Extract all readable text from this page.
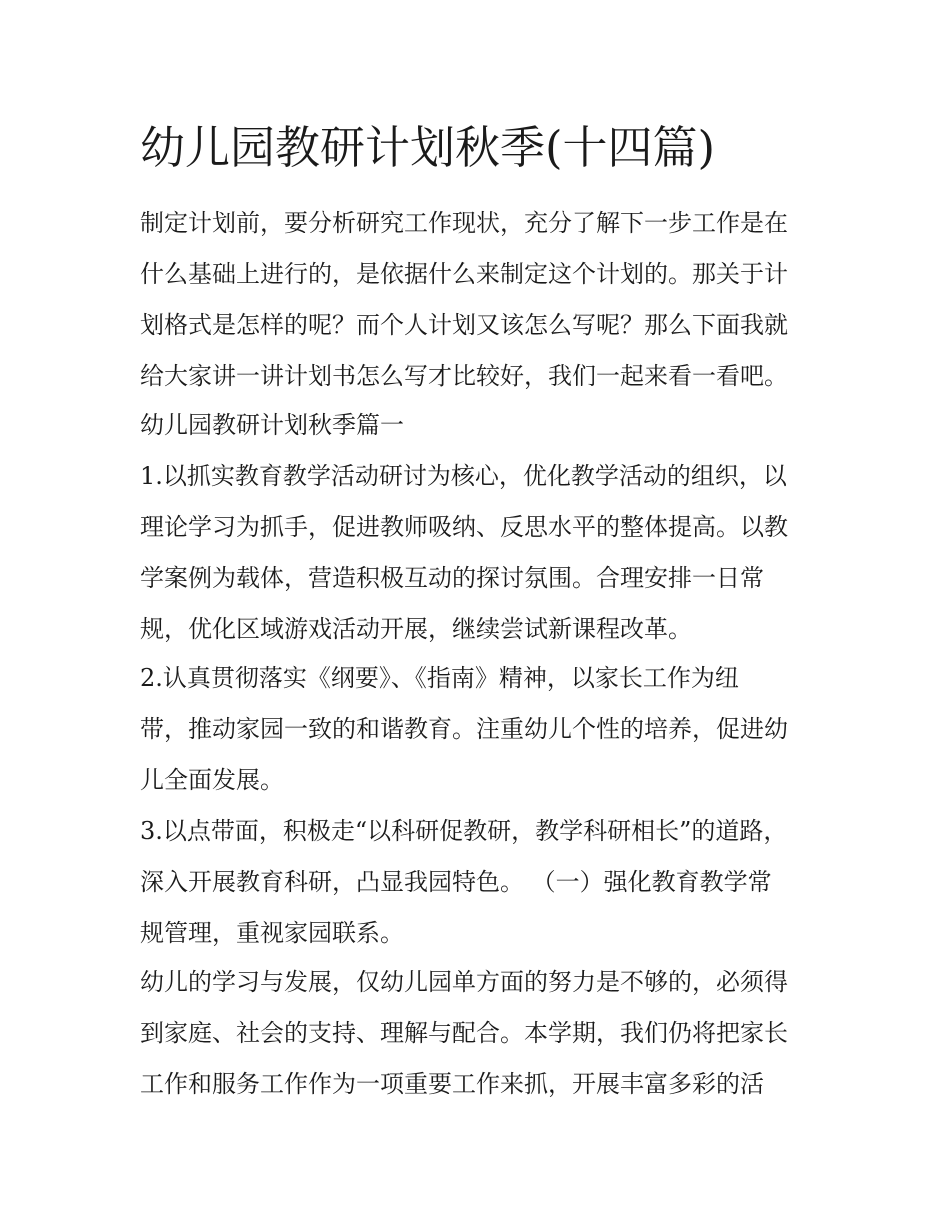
幼儿园教研计划秋季(十四篇)
制定计划前，要分析研究工作现状，充分了解下一步工作是在
什么基础上进行的，是依据什么来制定这个计划的。那关于计
划格式是怎样的呢？而个人计划又该怎么写呢？那么下面我就
给大家讲一讲计划书怎么写才比较好，我们一起来看一看吧。
幼儿园教研计划秋季篇一
1.以抓实教育教学活动研讨为核心，优化教学活动的组织，以
理论学习为抓手，促进教师吸纳、反思水平的整体提高。以教
学案例为载体，营造积极互动的探讨氛围。合理安排一日常
规，优化区域游戏活动开展，继续尝试新课程改革。
2.认真贯彻落实《纲要》、《指南》精神，以家长工作为纽
带，推动家园一致的和谐教育。注重幼儿个性的培养，促进幼
儿全面发展。
3.以点带面，积极走“以科研促教研，教学科研相长”的道路，
深入开展教育科研，凸显我园特色。 （一）强化教育教学常
规管理，重视家园联系。
幼儿的学习与发展，仅幼儿园单方面的努力是不够的，必须得
到家庭、社会的支持、理解与配合。本学期，我们仍将把家长
工作和服务工作作为一项重要工作来抓，开展丰富多彩的活
